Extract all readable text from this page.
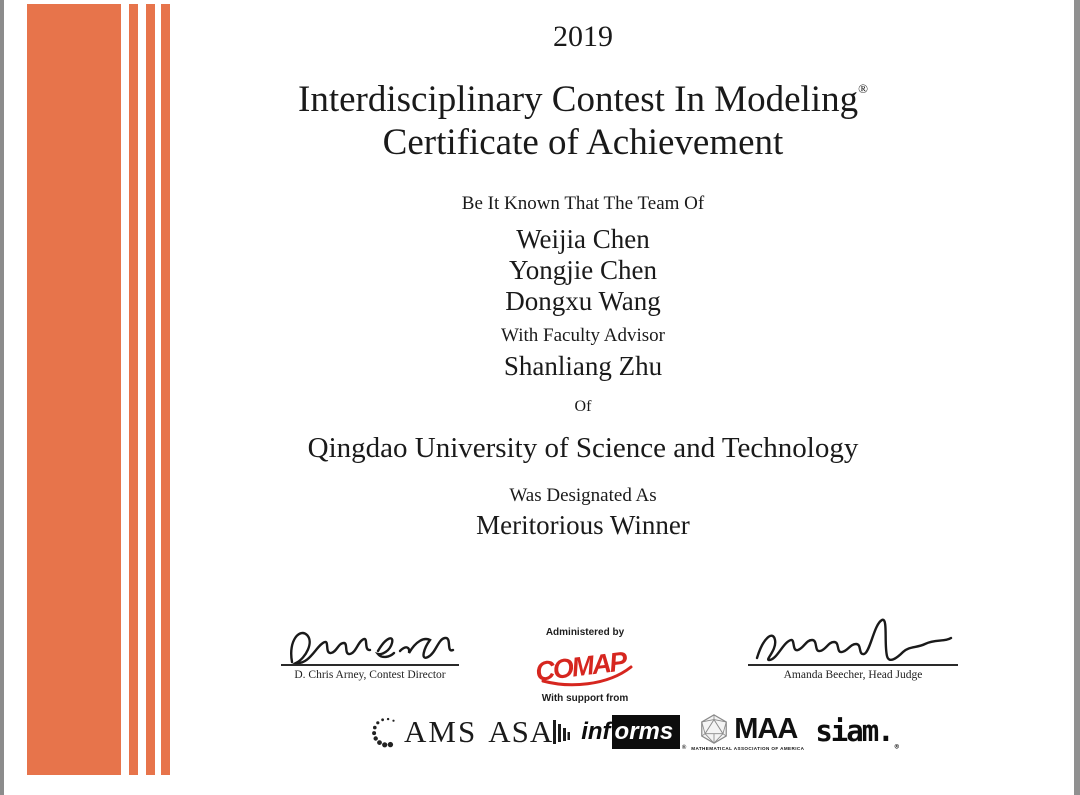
2019
Interdisciplinary Contest In Modeling®
Certificate of Achievement
Be It Known That The Team Of
Weijia Chen
Yongjie Chen
Dongxu Wang
With Faculty Advisor
Shanliang Zhu
Of
Qingdao University of Science and Technology
Was Designated As
Meritorious Winner
D. Chris Arney, Contest Director
Administered by
COMAP
With support from
Amanda Beecher, Head Judge
AMS ASA inf orms
®
MAA
MATHEMATICAL ASSOCIATION OF AMERICA
siam. $_®$
